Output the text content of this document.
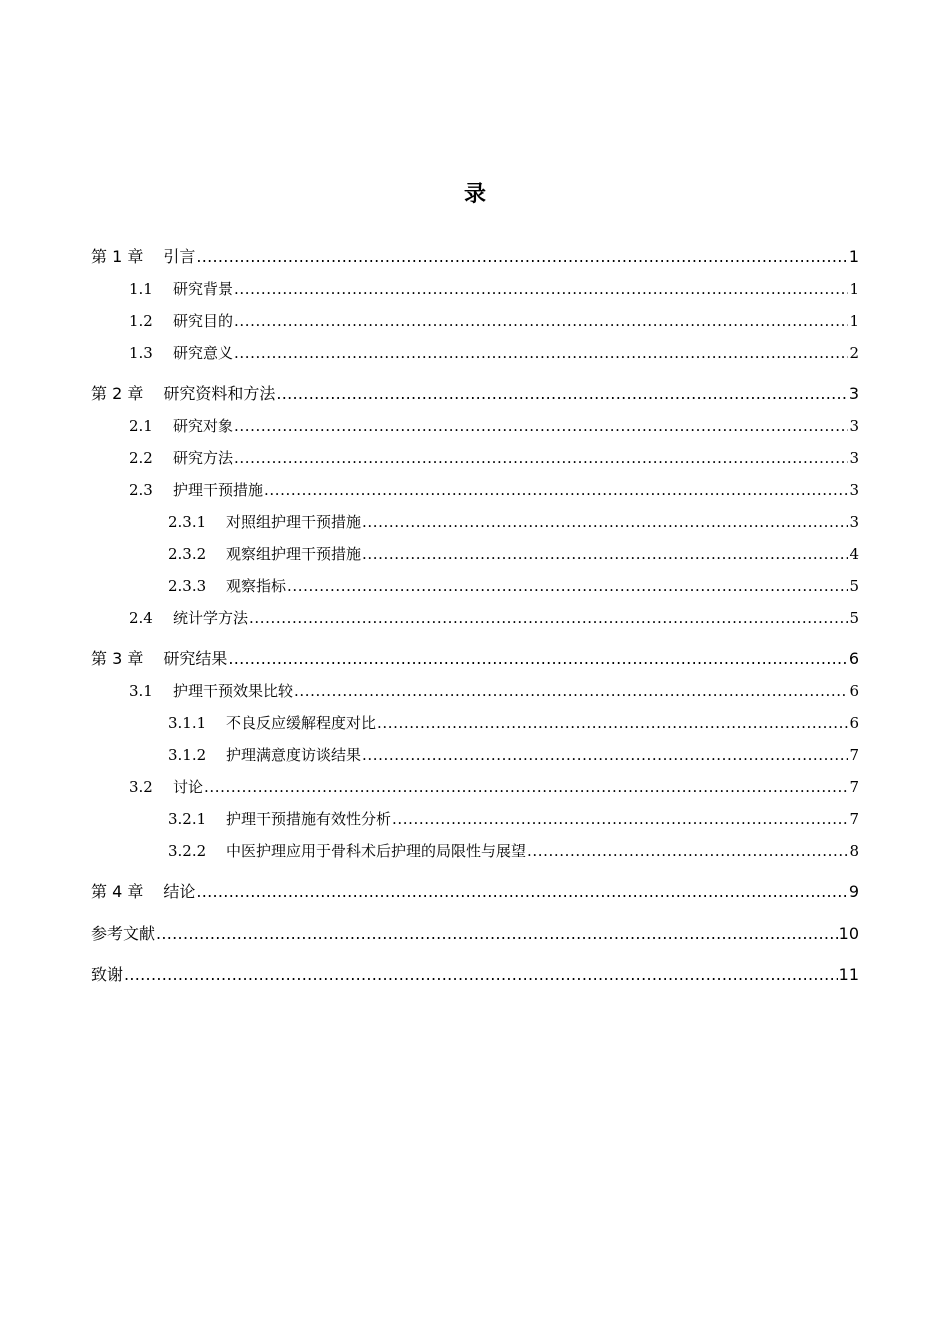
录
第 1 章 引言 .....	1
1.1	研究背景 .....	1
1.2	研究目的 .....	1
1.3	研究意义 .....	2
第 2 章 研究资料和方法 .....	3
2.1	研究对象 .....	3
2.2	研究方法 .....	3
2.3	护理干预措施 .....	3
2.3.1	对照组护理干预措施 .....	3
2.3.2	观察组护理干预措施 .....	4
2.3.3	观察指标 .....	5
2.4	统计学方法 .....	5
第 3 章 研究结果 .....	6
3.1	护理干预效果比较 .....	6
3.1.1	不良反应缓解程度对比 .....	6
3.1.2	护理满意度访谈结果 .....	7
3.2	讨论 .....	7
3.2.1	护理干预措施有效性分析 .....	7
3.2.2	中医护理应用于骨科术后护理的局限性与展望 .....	8
第 4 章 结论 .....	9
参考文献 .....	10
致谢 .....	11
